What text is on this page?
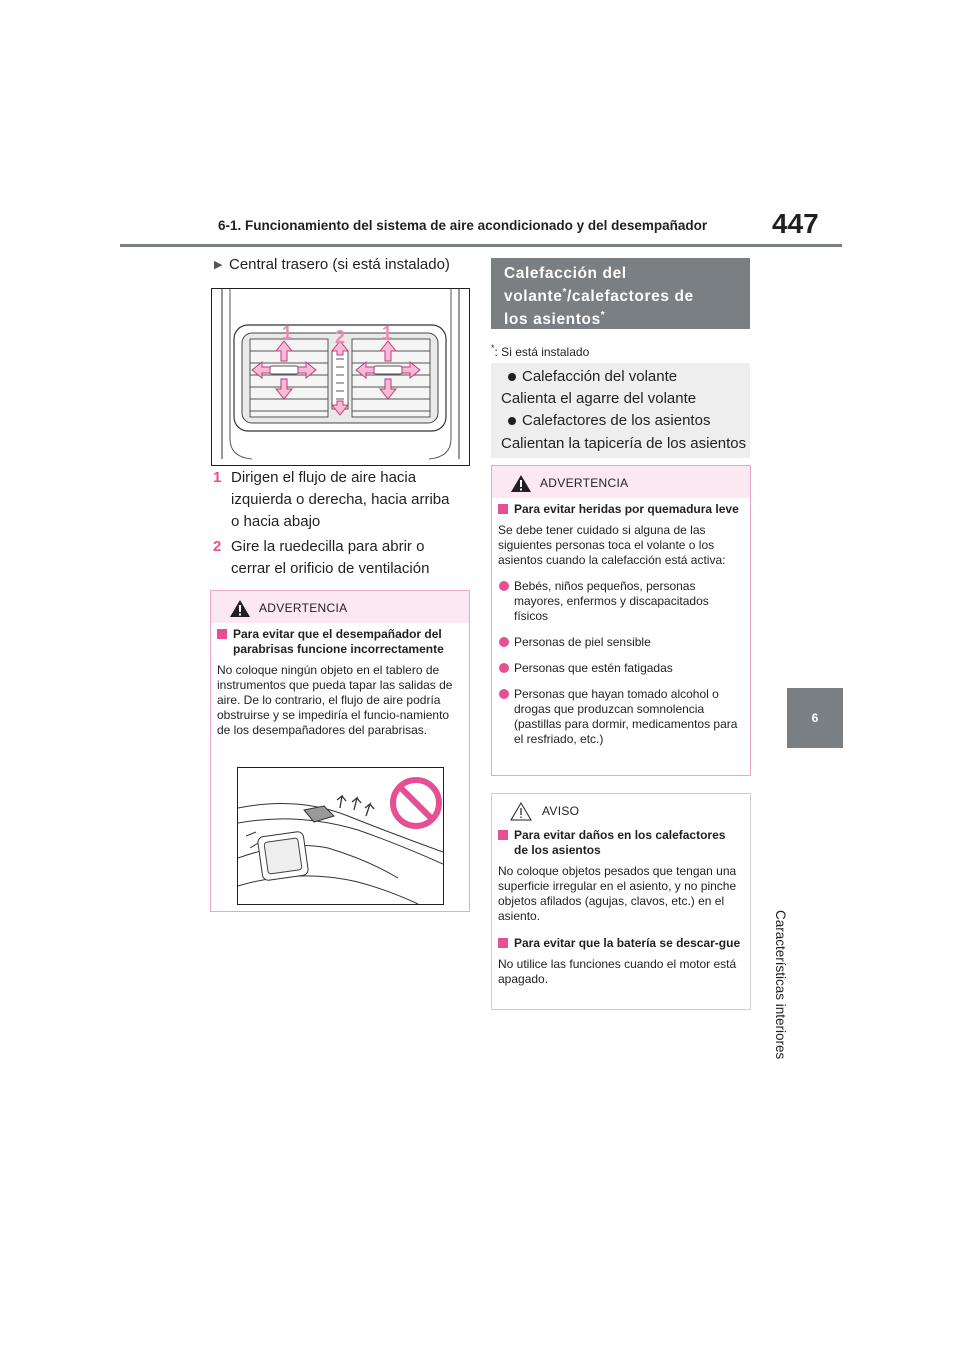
6-1. Funcionamiento del sistema de aire acondicionado y del desempañador 447
6
Características interiores
▶ Central trasero (si está instalado)
1 2 1
1 Dirigen el flujo de aire hacia izquierda o derecha, hacia arriba o hacia abajo
2 Gire la ruedecilla para abrir o cerrar el orificio de ventilación
ADVERTENCIA
Para evitar que el desempañador del parabrisas funcione incorrectamente
No coloque ningún objeto en el tablero de instrumentos que pueda tapar las salidas de aire. De lo contrario, el flujo de aire podría obstruirse y se impediría el funcio-namiento de los desempañadores del parabrisas.
Calefacción del
volante*/calefactores de
los asientos*
*: Si está instalado
Calefacción del volante
Calienta el agarre del volante
Calefactores de los asientos
Calientan la tapicería de los asientos
ADVERTENCIA
Para evitar heridas por quemadura leve
Se debe tener cuidado si alguna de las siguientes personas toca el volante o los asientos cuando la calefacción está activa:
Bebés, niños pequeños, personas mayores, enfermos y discapacitados físicos
Personas de piel sensible
Personas que estén fatigadas
Personas que hayan tomado alcohol o drogas que produzcan somnolencia (pastillas para dormir, medicamentos para el resfriado, etc.)
AVISO
Para evitar daños en los calefactores de los asientos
No coloque objetos pesados que tengan una superficie irregular en el asiento, y no pinche objetos afilados (agujas, clavos, etc.) en el asiento.
Para evitar que la batería se descar-gue
No utilice las funciones cuando el motor está apagado.
